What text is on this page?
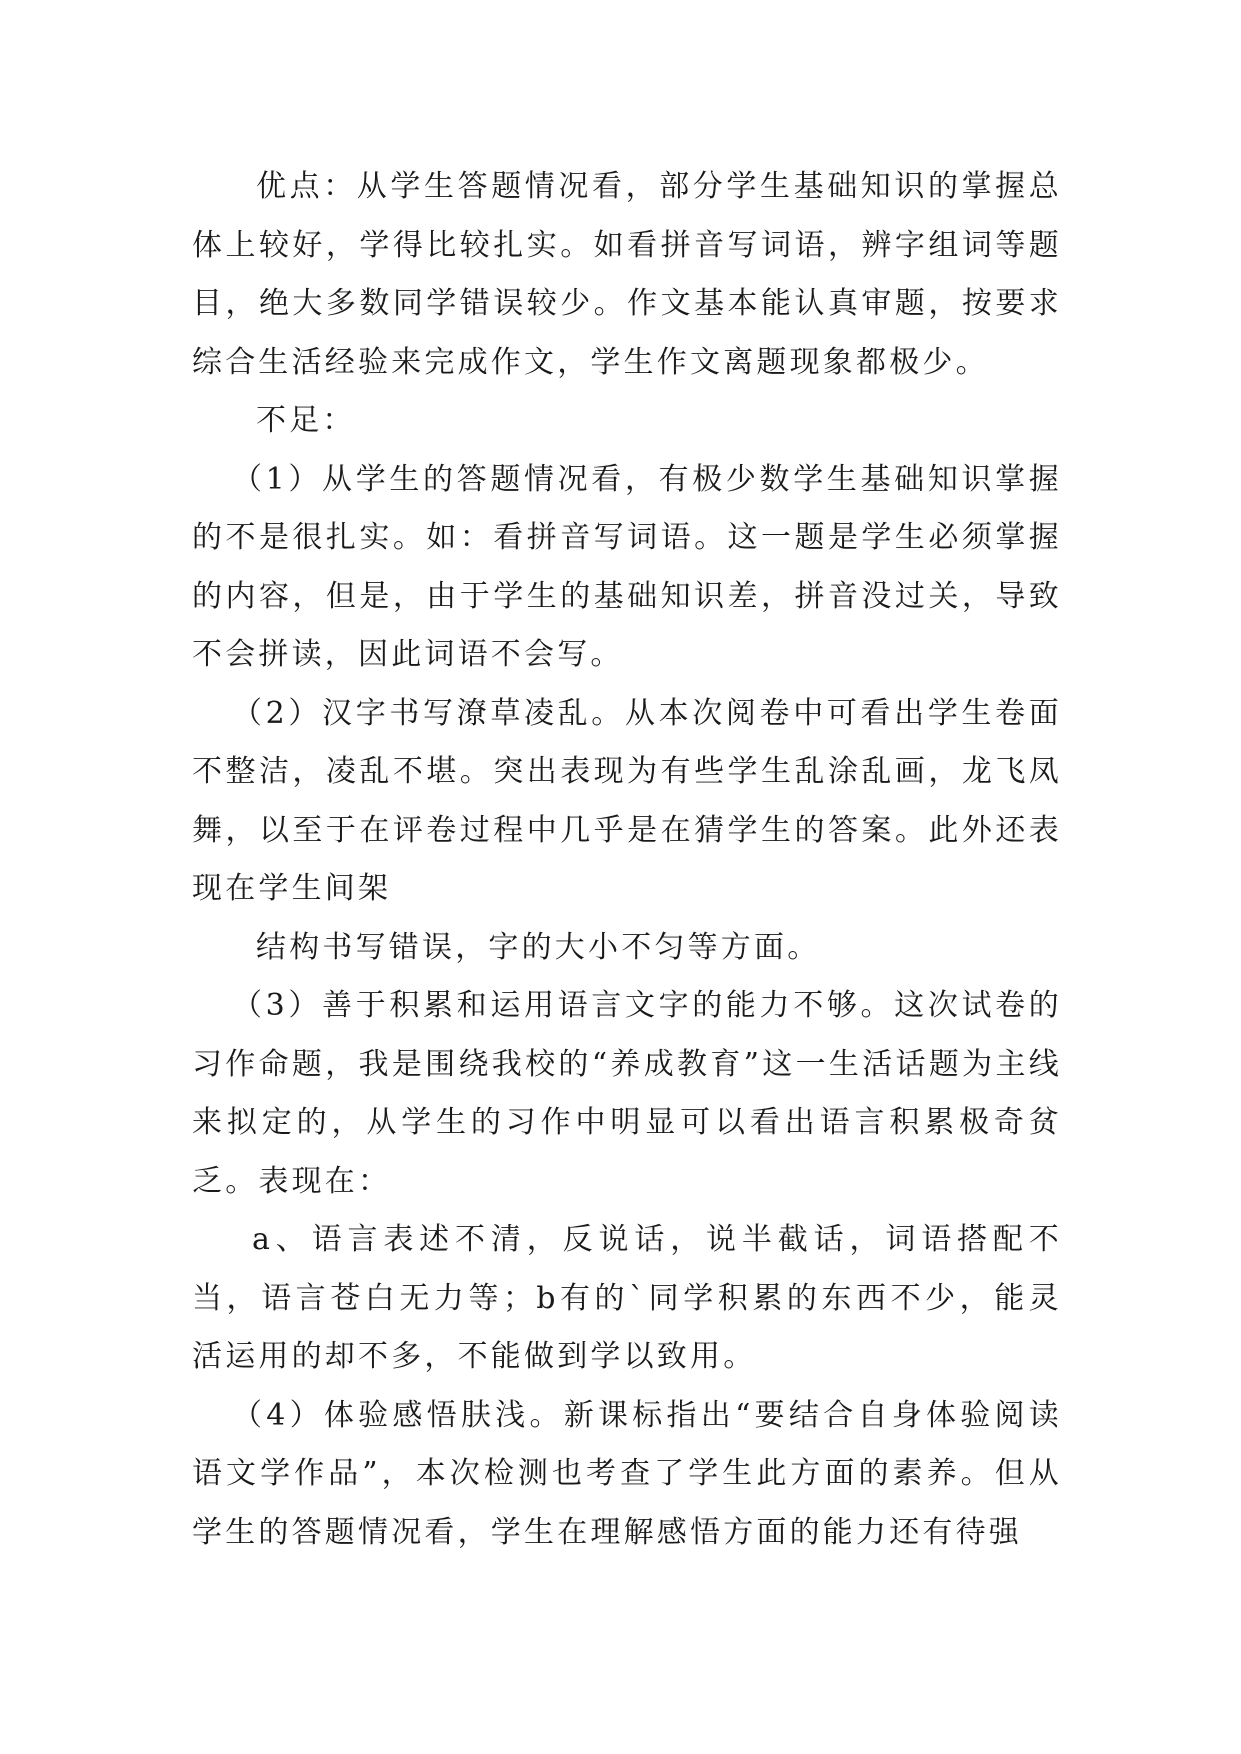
优点：从学生答题情况看，部分学生基础知识的掌握总体上较好，学得比较扎实。如看拼音写词语，辨字组词等题目，绝大多数同学错误较少。作文基本能认真审题，按要求综合生活经验来完成作文，学生作文离题现象都极少。

不足：

（1）从学生的答题情况看，有极少数学生基础知识掌握的不是很扎实。如：看拼音写词语。这一题是学生必须掌握的内容，但是，由于学生的基础知识差，拼音没过关，导致不会拼读，因此词语不会写。

（2）汉字书写潦草凌乱。从本次阅卷中可看出学生卷面不整洁，凌乱不堪。突出表现为有些学生乱涂乱画，龙飞凤舞，以至于在评卷过程中几乎是在猜学生的答案。此外还表现在学生间架

结构书写错误，字的大小不匀等方面。

（3）善于积累和运用语言文字的能力不够。这次试卷的习作命题，我是围绕我校的“养成教育”这一生活话题为主线来拟定的，从学生的习作中明显可以看出语言积累极奇贫乏。表现在：

a、语言表述不清，反说话，说半截话，词语搭配不当，语言苍白无力等；b有的`同学积累的东西不少，能灵活运用的却不多，不能做到学以致用。

（4）体验感悟肤浅。新课标指出“要结合自身体验阅读语文学作品”，本次检测也考查了学生此方面的素养。但从学生的答题情况看，学生在理解感悟方面的能力还有待强
